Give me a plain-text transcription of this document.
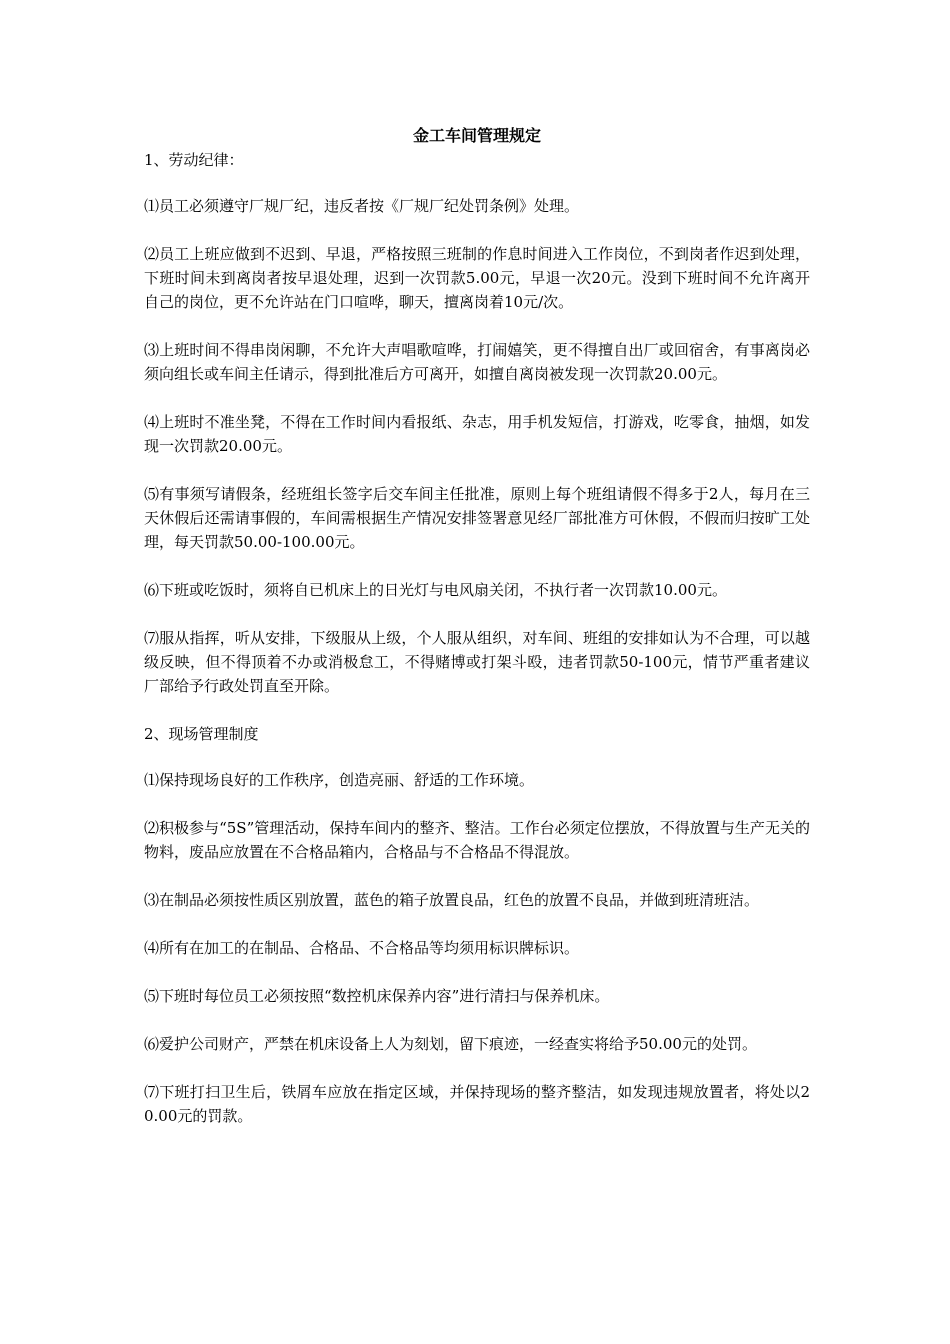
金工车间管理规定

1、劳动纪律：

⑴员工必须遵守厂规厂纪，违反者按《厂规厂纪处罚条例》处理。

⑵员工上班应做到不迟到、早退，严格按照三班制的作息时间进入工作岗位，不到岗者作迟到处理，下班时间未到离岗者按早退处理，迟到一次罚款5.00元，早退一次20元。没到下班时间不允许离开自己的岗位，更不允许站在门口喧哗，聊天，擅离岗着10元/次。

⑶上班时间不得串岗闲聊，不允许大声唱歌喧哗，打闹嬉笑，更不得擅自出厂或回宿舍，有事离岗必须向组长或车间主任请示，得到批准后方可离开，如擅自离岗被发现一次罚款20.00元。

⑷上班时不准坐凳，不得在工作时间内看报纸、杂志，用手机发短信，打游戏，吃零食，抽烟，如发现一次罚款20.00元。

⑸有事须写请假条，经班组长签字后交车间主任批准，原则上每个班组请假不得多于2人，每月在三天休假后还需请事假的，车间需根据生产情况安排签署意见经厂部批准方可休假，不假而归按旷工处理，每天罚款50.00-100.00元。

⑹下班或吃饭时，须将自已机床上的日光灯与电风扇关闭，不执行者一次罚款10.00元。

⑺服从指挥，听从安排，下级服从上级，个人服从组织，对车间、班组的安排如认为不合理，可以越级反映，但不得顶着不办或消极怠工，不得赌博或打架斗殴，违者罚款50-100元，情节严重者建议厂部给予行政处罚直至开除。

2、现场管理制度

⑴保持现场良好的工作秩序，创造亮丽、舒适的工作环境。

⑵积极参与“5S”管理活动，保持车间内的整齐、整洁。工作台必须定位摆放，不得放置与生产无关的物料，废品应放置在不合格品箱内，合格品与不合格品不得混放。

⑶在制品必须按性质区别放置，蓝色的箱子放置良品，红色的放置不良品，并做到班清班洁。

⑷所有在加工的在制品、合格品、不合格品等均须用标识牌标识。

⑸下班时每位员工必须按照“数控机床保养内容”进行清扫与保养机床。

⑹爱护公司财产，严禁在机床设备上人为刻划，留下痕迹，一经查实将给予50.00元的处罚。

⑺下班打扫卫生后，铁屑车应放在指定区域，并保持现场的整齐整洁，如发现违规放置者，将处以20.00元的罚款。
